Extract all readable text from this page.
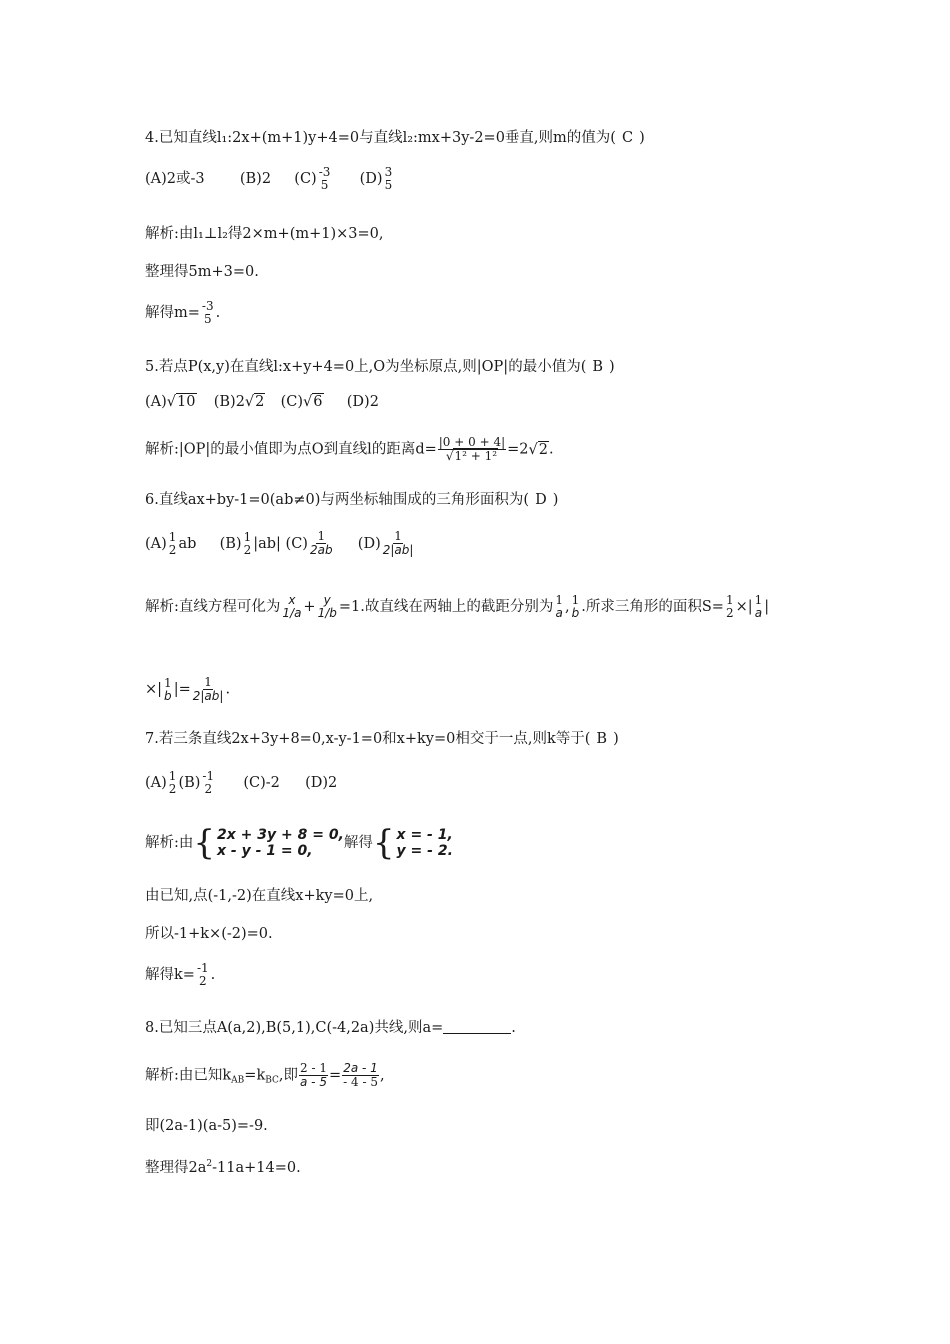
4.已知直线l₁:2x+(m+1)y+4=0与直线l₂:mx+3y-2=0垂直,则m的值为( C )
(A)2或-3 (B)2 (C) -3
5 (D) 3
5
解析:由l₁⊥l₂得2×m+(m+1)×3=0,
整理得5m+3=0.
解得m= -3
5 .
5.若点P(x,y)在直线l:x+y+4=0上,O为坐标原点,则|OP|的最小值为( B )
(A)√10 (B)2√2 (C)√6 (D)2
解析:|OP|的最小值即为点O到直线l的距离$d= \frac{|0 + 0 + 4|}{\text{√1² + 1²}} =2√2$.
6.直线ax+by-1=0(ab≠0)与两坐标轴围成的三角形面积为( D )
(A) 1
2 ab (B) 1
2 |ab| $(C) \frac{1}{2ab} (D) \frac{1}{2|ab|}$
解析:直线方程可化为 x
1/a + y
1/b =1.故直线在两轴上的截距分别为 1
a , 1
b .所求三角形的面积S= 1
2 ×| 1
a |
×| 1
b |= $\frac{1}{2|ab|}$ .
7.若三条直线2x+3y+8=0,x-y-1=0和x+ky=0相交于一点,则k等于( B )
(A) 1
2 (B) -1
2 (C)-2 (D)2
解析:由 { 2x + 3y + 8 = 0,
x - y - 1 = 0,	解得 { x = - 1,
y = - 2.
由已知,点(-1,-2)在直线x+ky=0上,
所以-1+k×(-2)=0.
解得k= -1
2 .
8.已知三点A(a,2),B(5,1),C(-4,2a)共线,则a=	.
解析:由已知$k_{AB}=k_{BC}$,即 $\frac{2 - 1}{a - 5} = \frac{2a - 1}{- 4 - 5}$ ,
即(2a-1)(a-5)=-9.
整理得$2a^2-11a+14=0$.
